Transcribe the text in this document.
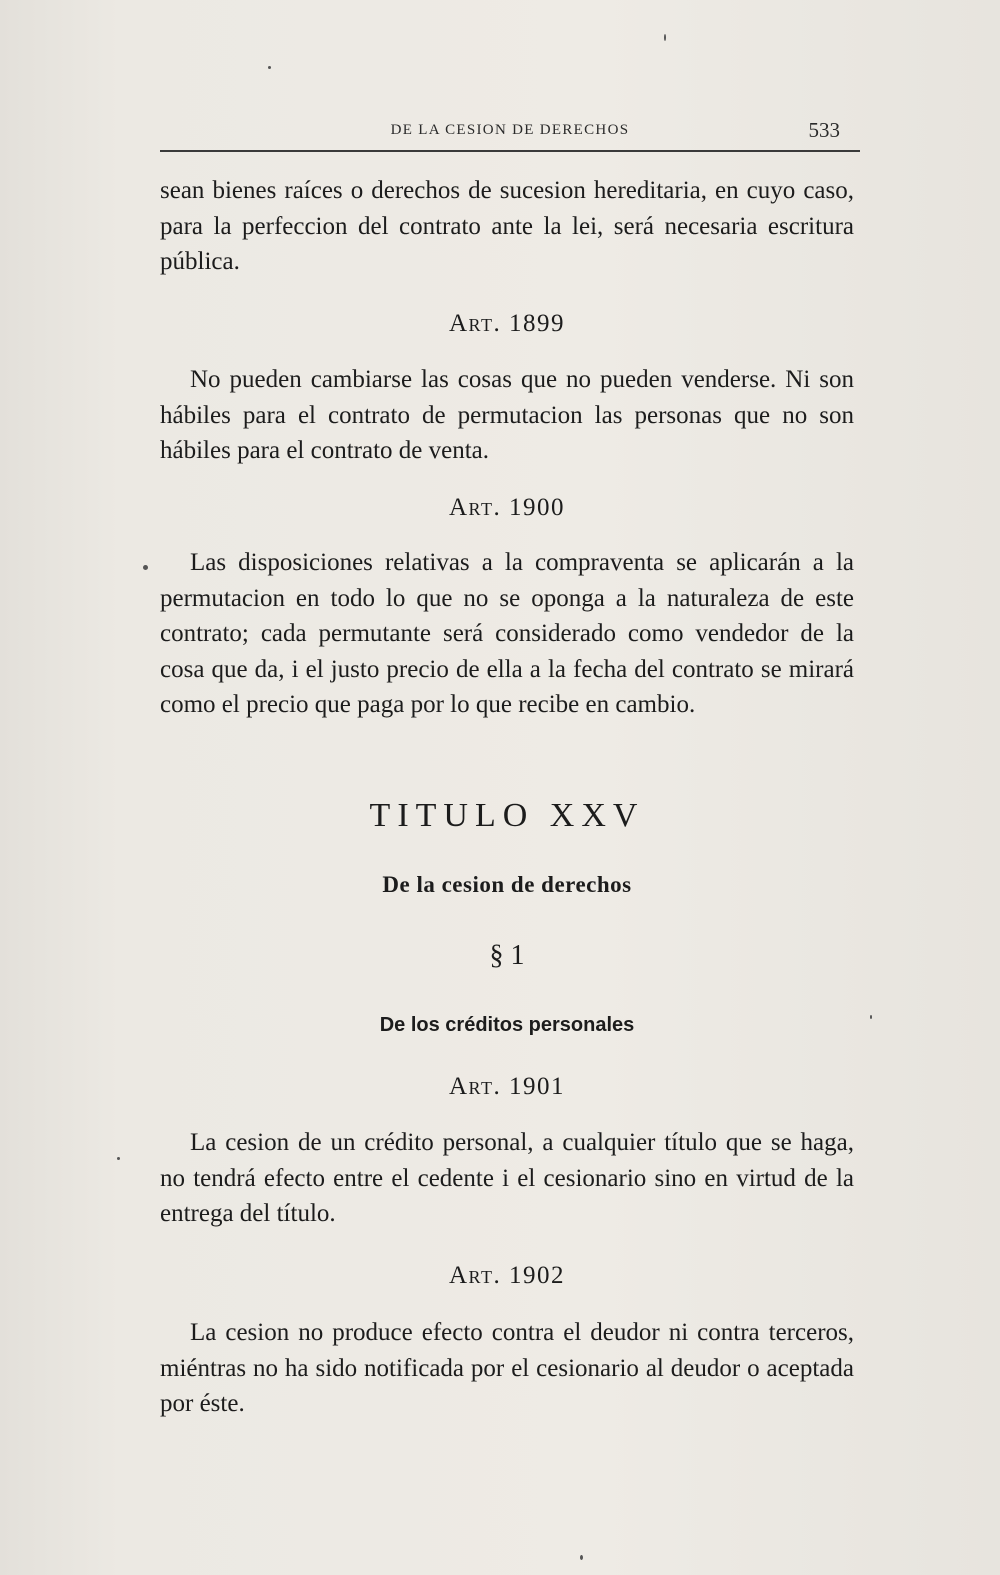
DE LA CESION DE DERECHOS	533

sean bienes raíces o derechos de sucesion hereditaria, en cuyo caso, para la perfeccion del contrato ante la lei, será necesaria escritura pública.

Art. 1899

No pueden cambiarse las cosas que no pueden venderse. Ni son hábiles para el contrato de permutacion las personas que no son hábiles para el contrato de venta.

Art. 1900

Las disposiciones relativas a la compraventa se aplicarán a la permutacion en todo lo que no se oponga a la naturaleza de este contrato; cada permutante será considerado como vendedor de la cosa que da, i el justo precio de ella a la fecha del contrato se mirará como el precio que paga por lo que recibe en cambio.

TITULO XXV
De la cesion de derechos
§ 1
De los créditos personales
Art. 1901

La cesion de un crédito personal, a cualquier título que se haga, no tendrá efecto entre el cedente i el cesionario sino en virtud de la entrega del título.

Art. 1902

La cesion no produce efecto contra el deudor ni contra terceros, miéntras no ha sido notificada por el cesionario al deudor o aceptada por éste.
